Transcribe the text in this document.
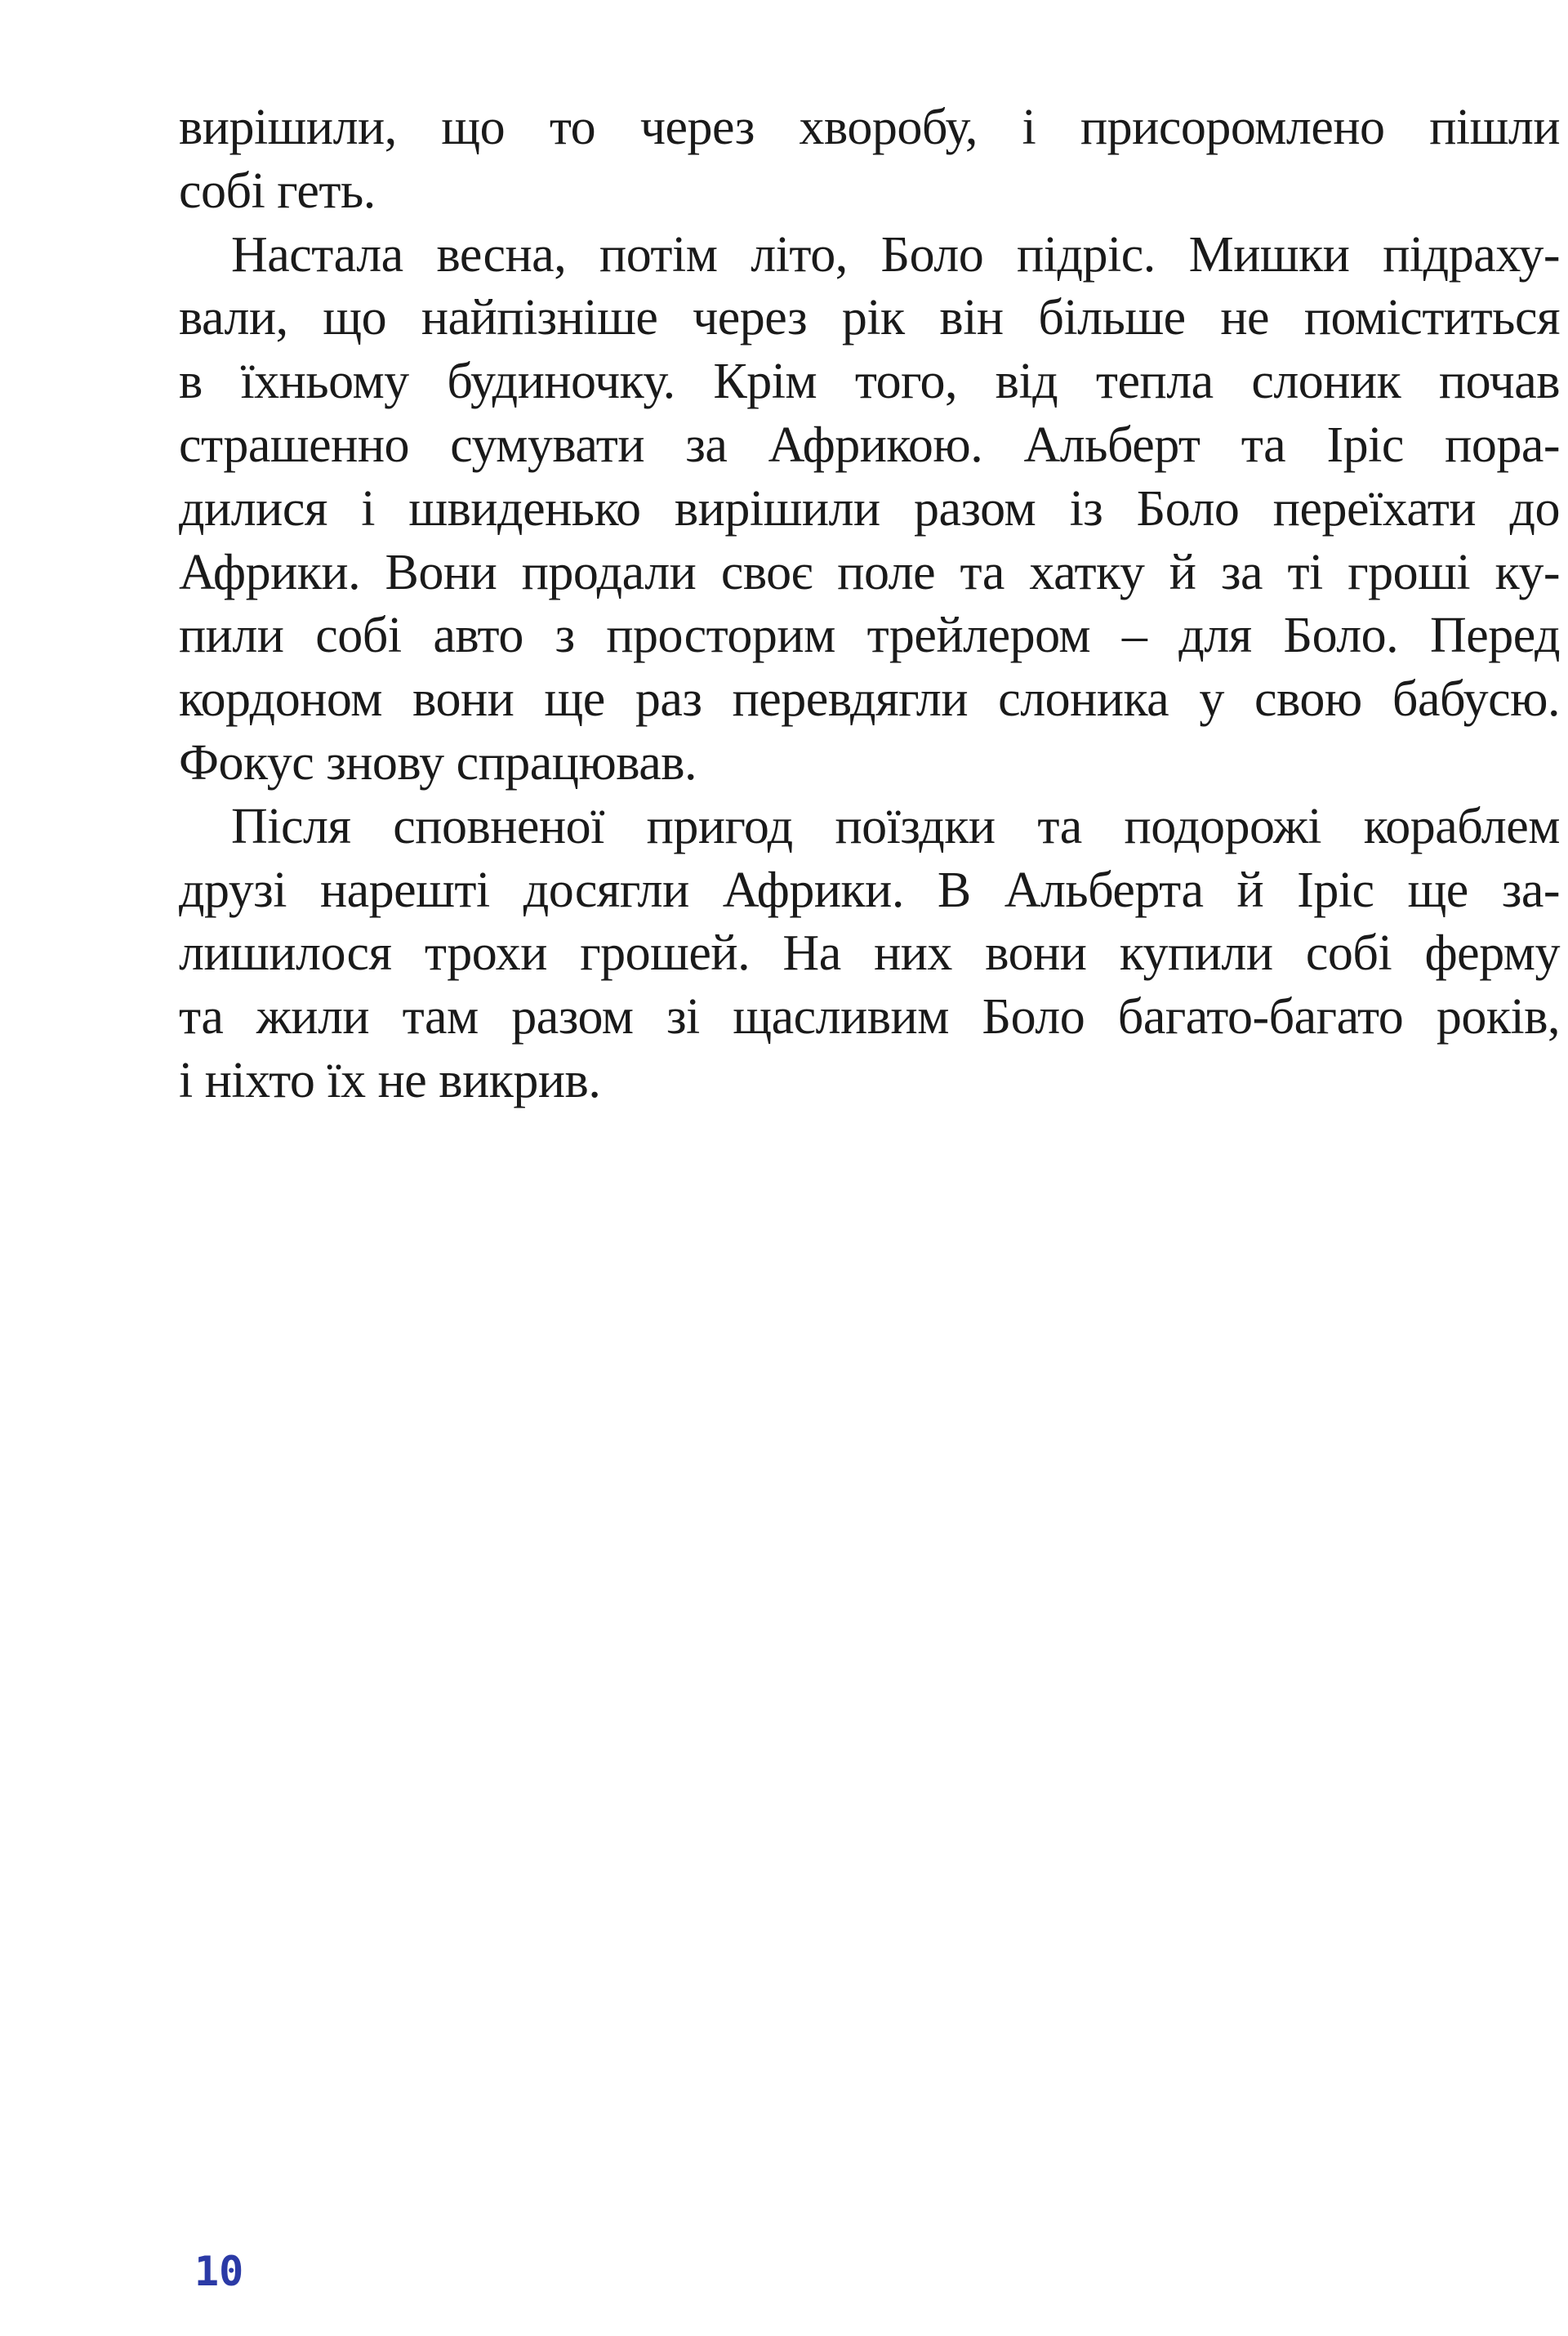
вирішили, що то через хворобу, і присоромлено пішли
собі геть.
Настала весна, потім літо, Боло підріс. Мишки підраху-
вали, що найпізніше через рік він більше не поміститься
в їхньому будиночку. Крім того, від тепла слоник почав
страшенно сумувати за Африкою. Альберт та Іріс пора-
дилися і швиденько вирішили разом із Боло переїхати до
Африки. Вони продали своє поле та хатку й за ті гроші ку-
пили собі авто з просторим трейлером – для Боло. Перед
кордоном вони ще раз перевдягли слоника у свою бабусю.
Фокус знову спрацював.
Після сповненої пригод поїздки та подорожі кораблем
друзі нарешті досягли Африки. В Альберта й Іріс ще за-
лишилося трохи грошей. На них вони купили собі ферму
та жили там разом зі щасливим Боло багато-багато років,
і ніхто їх не викрив.
10
